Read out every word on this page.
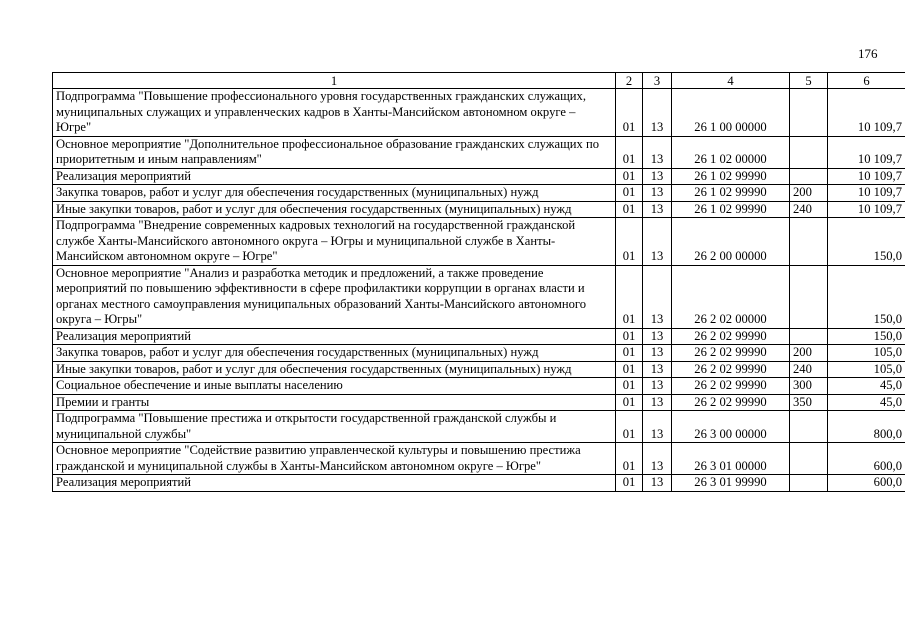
176
1	2	3	4	5	6
Подпрограмма "Повышение профессионального уровня государственных гражданских служащих, муниципальных служащих и управленческих кадров в Ханты-Мансийском автономном округе – Югре"	01	13	26 1 00 00000		10 109,7
Основное мероприятие "Дополнительное профессиональное образование гражданских служащих по приоритетным и иным направлениям"	01	13	26 1 02 00000		10 109,7
Реализация мероприятий	01	13	26 1 02 99990		10 109,7
Закупка товаров, работ и услуг для обеспечения государственных (муниципальных) нужд	01	13	26 1 02 99990	200	10 109,7
Иные закупки товаров, работ и услуг для обеспечения государственных (муниципальных) нужд	01	13	26 1 02 99990	240	10 109,7
Подпрограмма "Внедрение современных кадровых технологий на государственной гражданской службе Ханты-Мансийского автономного округа – Югры и муниципальной службе в Ханты-Мансийском автономном округе – Югре"	01	13	26 2 00 00000		150,0
Основное мероприятие "Анализ и разработка методик и предложений, а также проведение мероприятий по повышению эффективности в сфере профилактики коррупции в органах власти и органах местного самоуправления муниципальных образований Ханты-Мансийского автономного округа – Югры"	01	13	26 2 02 00000		150,0
Реализация мероприятий	01	13	26 2 02 99990		150,0
Закупка товаров, работ и услуг для обеспечения государственных (муниципальных) нужд	01	13	26 2 02 99990	200	105,0
Иные закупки товаров, работ и услуг для обеспечения государственных (муниципальных) нужд	01	13	26 2 02 99990	240	105,0
Социальное обеспечение и иные выплаты населению	01	13	26 2 02 99990	300	45,0
Премии и гранты	01	13	26 2 02 99990	350	45,0
Подпрограмма "Повышение престижа и открытости государственной гражданской службы и муниципальной службы"	01	13	26 3 00 00000		800,0
Основное мероприятие "Содействие развитию управленческой культуры и повышению престижа гражданской и муниципальной службы в Ханты-Мансийском автономном округе – Югре"	01	13	26 3 01 00000		600,0
Реализация мероприятий	01	13	26 3 01 99990		600,0
